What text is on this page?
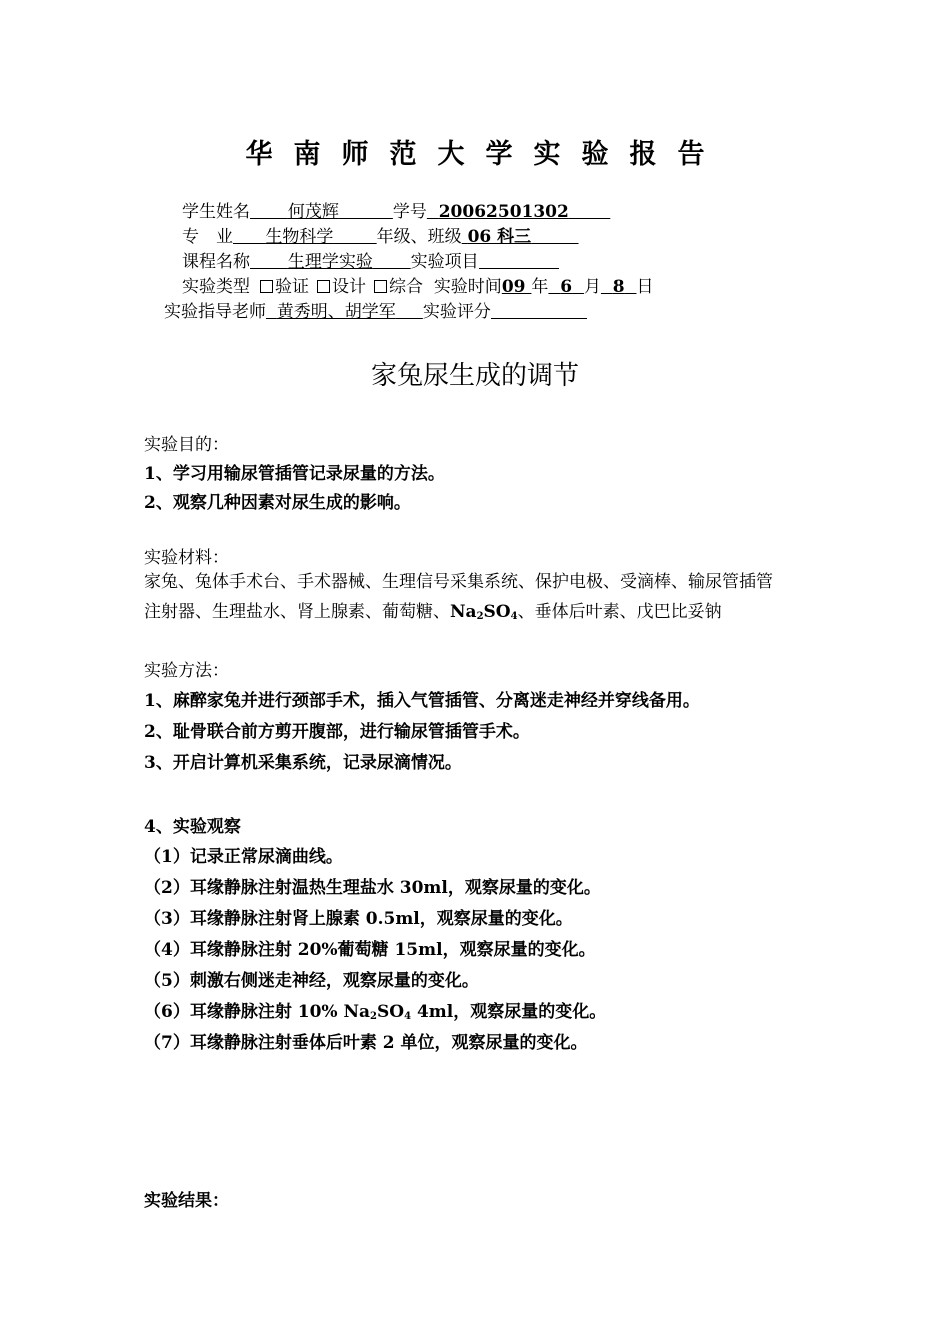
华南师范大学实验报告
学生姓名 何茂辉	学号 20062501302
专　业 生物科学	年级、班级 06 科三
课程名称 生理学实验 实验项目
实验类型 验证 设计 综合 实验时间09 年 6 月 8 日
实验指导老师 黄秀明、胡学军 实验评分
家兔尿生成的调节
实验目的：
1、学习用输尿管插管记录尿量的方法。
2、观察几种因素对尿生成的影响。
实验材料：
家兔、兔体手术台、手术器械、生理信号采集系统、保护电极、受滴棒、输尿管插管
注射器、生理盐水、肾上腺素、葡萄糖、$Na_2SO_4$、垂体后叶素、戊巴比妥钠
实验方法：
1、麻醉家兔并进行颈部手术，插入气管插管、分离迷走神经并穿线备用。
2、耻骨联合前方剪开腹部，进行输尿管插管手术。
3、开启计算机采集系统，记录尿滴情况。
4、实验观察
（1）记录正常尿滴曲线。
（2）耳缘静脉注射温热生理盐水 30ml，观察尿量的变化。
（3）耳缘静脉注射肾上腺素 0.5ml，观察尿量的变化。
（4）耳缘静脉注射 20%葡萄糖 15ml，观察尿量的变化。
（5）刺激右侧迷走神经，观察尿量的变化。
（6）耳缘静脉注射 10% $Na_2SO_4$ 4ml，观察尿量的变化。
（7）耳缘静脉注射垂体后叶素 2 单位，观察尿量的变化。
实验结果：
